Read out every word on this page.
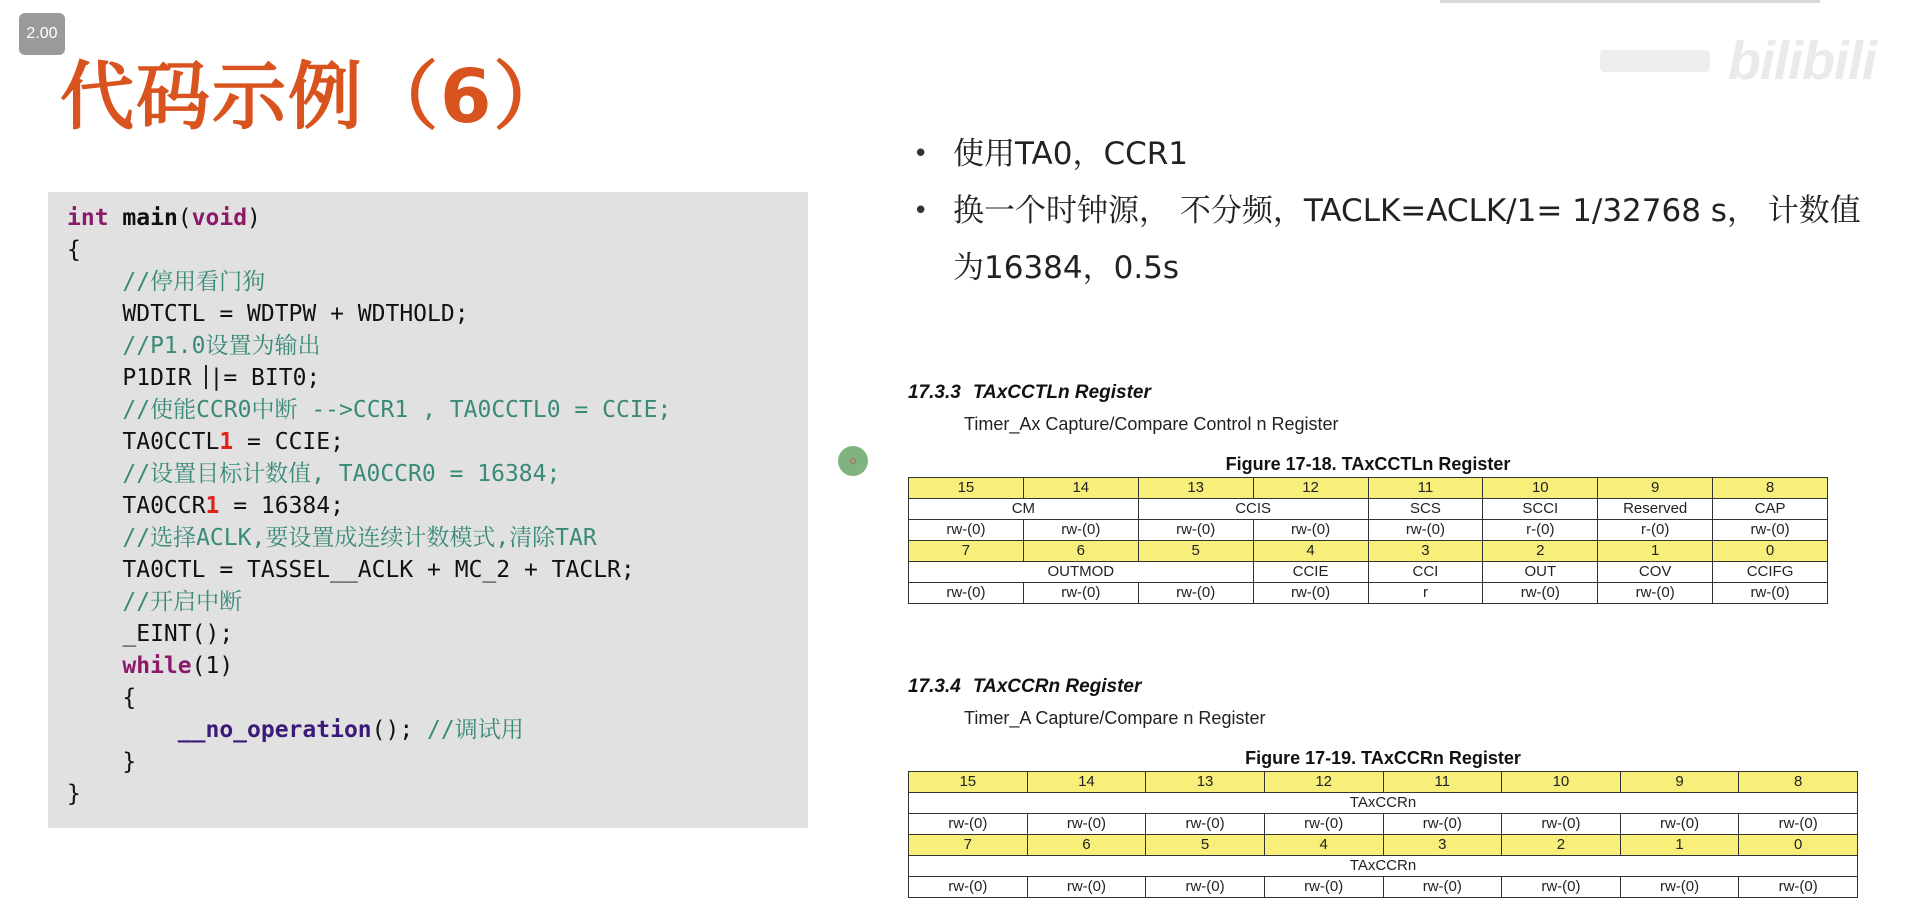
2.00	bilibili
代码示例（6）
int main(void)
{
//停用看门狗
WDTCTL = WDTPW + WDTHOLD;
//P1.0设置为输出
P1DIR |= BIT0;
//使能CCR0中断 -->CCR1 , TA0CCTL0 = CCIE;
TA0CCTL1 = CCIE;
//设置目标计数值, TA0CCR0 = 16384;
TA0CCR1 = 16384;
//选择ACLK,要设置成连续计数模式,清除TAR
TA0CTL = TASSEL__ACLK + MC_2 + TACLR;
//开启中断
_EINT();
while(1)
{
__no_operation(); //调试用
}
}
• 使用TA0，CCR1
• 换一个时钟源， 不分频，TACLK=ACLK/1= 1/32768 s， 计数值为16384，0.5s
17.3.3 TAxCCTLn Register
Timer_Ax Capture/Compare Control n Register
Figure 17-18. TAxCCTLn Register
15	14	13	12	11	10	9	8
CM		CCIS		SCS	SCCI	Reserved	CAP
rw-(0)	rw-(0)	rw-(0)	rw-(0)	rw-(0)	r-(0)	r-(0)	rw-(0)
7	6	5	4	3	2	1	0
OUTMOD			CCIE	CCI	OUT	COV	CCIFG
rw-(0)	rw-(0)	rw-(0)	rw-(0)	r	rw-(0)	rw-(0)	rw-(0)
17.3.4 TAxCCRn Register
Timer_A Capture/Compare n Register
Figure 17-19. TAxCCRn Register
15	14	13	12	11	10	9	8
TAxCCRn							
rw-(0)	rw-(0)	rw-(0)	rw-(0)	rw-(0)	rw-(0)	rw-(0)	rw-(0)
7	6	5	4	3	2	1	0
TAxCCRn							
rw-(0)	rw-(0)	rw-(0)	rw-(0)	rw-(0)	rw-(0)	rw-(0)	rw-(0)
